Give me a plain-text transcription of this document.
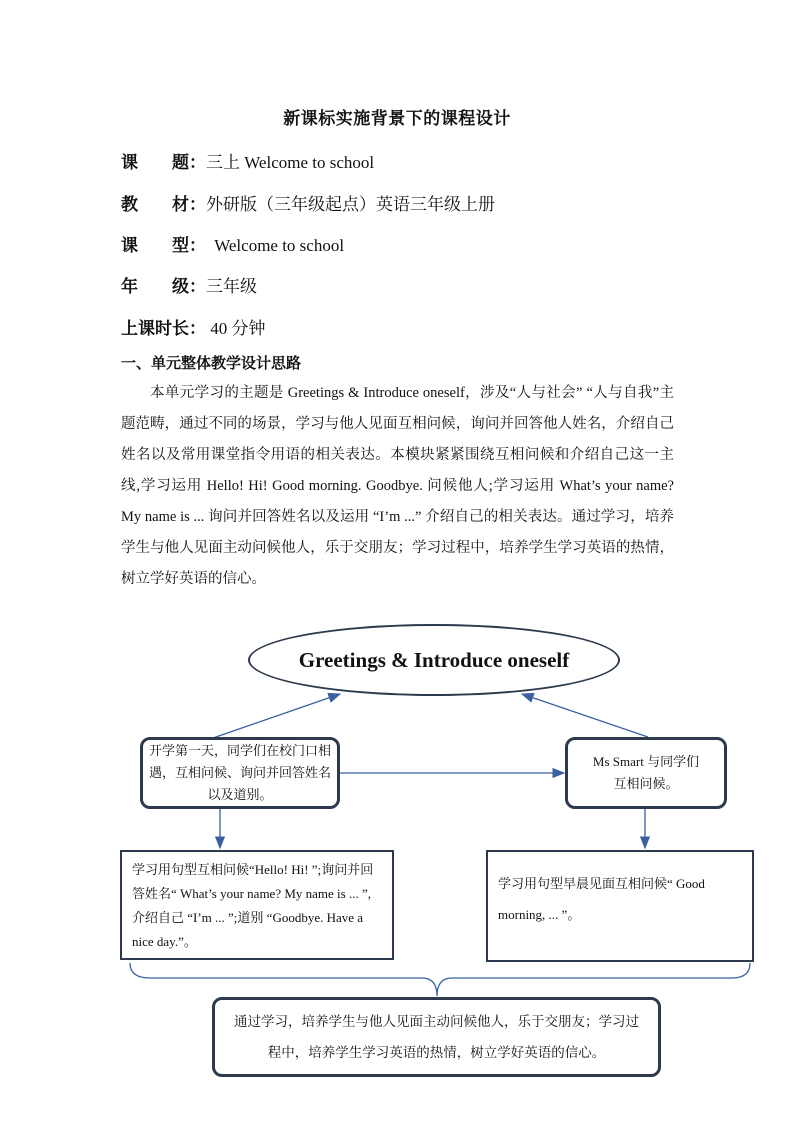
新课标实施背景下的课程设计
课　　题：三上 Welcome to school
教　　材：外研版（三年级起点）英语三年级上册
课　　型：  Welcome to school
年　　级：三年级
上课时长： 40 分钟
一、单元整体教学设计思路

本单元学习的主题是 Greetings & Introduce oneself，涉及“人与社会” “人与自我”主题范畴，通过不同的场景，学习与他人见面互相问候，询问并回答他人姓名，介绍自己姓名以及常用课堂指令用语的相关表达。本模块紧紧围绕互相问候和介绍自己这一主线,学习运用 Hello! Hi! Good morning. Goodbye. 问候他人;学习运用 What’s your name? My name is ... 询问并回答姓名以及运用 “I’m ...” 介绍自己的相关表达。通过学习，培养学生与他人见面主动问候他人，乐于交朋友；学习过程中，培养学生学习英语的热情，树立学好英语的信心。

Greetings & Introduce oneself
开学第一天，同学们在校门口相遇，互相问候、询问并回答姓名以及道别。
Ms Smart 与同学们互相问候。
学习用句型互相问候“Hello! Hi! ”;询问并回答姓名“ What’s your name? My name is ... ”,介绍自己 “I’m ... ”;道别 “Goodbye. Have a nice day.”。
学习用句型早晨见面互相问候“ Good morning, ... ”。
通过学习，培养学生与他人见面主动问候他人，乐于交朋友；学习过程中，培养学生学习英语的热情，树立学好英语的信心。
